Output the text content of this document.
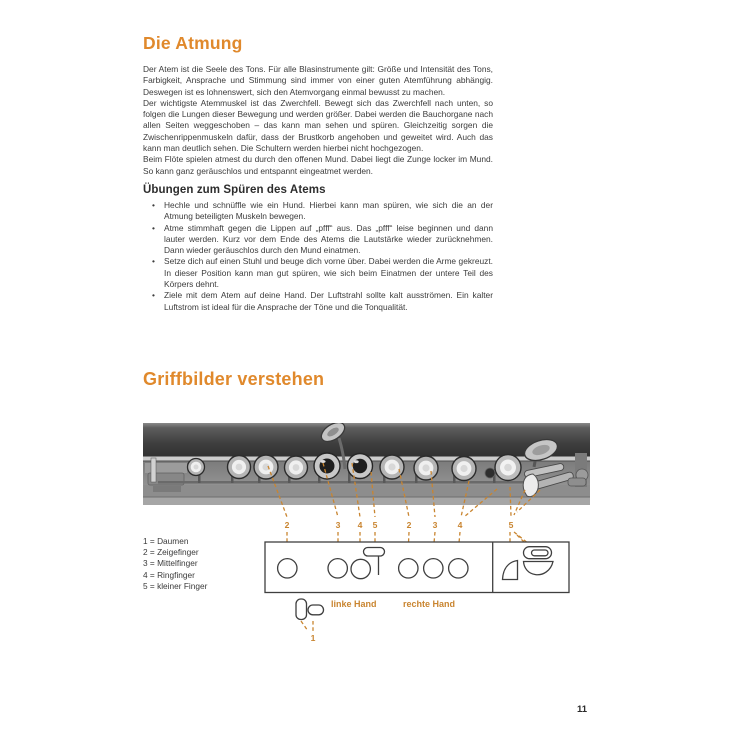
Die Atmung

Der Atem ist die Seele des Tons. Für alle Blasinstrumente gilt: Größe und Intensität des Tons, Farbigkeit, Ansprache und Stimmung sind immer von einer guten Atemführung abhängig. Deswegen ist es lohnenswert, sich den Atemvorgang einmal bewusst zu machen.

Der wichtigste Atemmuskel ist das Zwerchfell. Bewegt sich das Zwerchfell nach unten, so folgen die Lungen dieser Bewegung und werden größer. Dabei werden die Bauchorgane nach allen Seiten weggeschoben – das kann man sehen und spüren. Gleichzeitig sorgen die Zwischenrippenmuskeln dafür, dass der Brustkorb angehoben und geweitet wird. Auch das kann man deutlich sehen. Die Schultern werden hierbei nicht hochgezogen.

Beim Flöte spielen atmest du durch den offenen Mund. Dabei liegt die Zunge locker im Mund. So kann ganz geräuschlos und entspannt eingeatmet werden.

Übungen zum Spüren des Atems
• Hechle und schnüffle wie ein Hund. Hierbei kann man spüren, wie sich die an der Atmung beteiligten Muskeln bewegen.
• Atme stimmhaft gegen die Lippen auf „pfff“ aus. Das „pfff“ leise beginnen und dann lauter werden. Kurz vor dem Ende des Atems die Lautstärke wieder zurücknehmen. Dann wieder geräuschlos durch den Mund einatmen.
• Setze dich auf einen Stuhl und beuge dich vorne über. Dabei werden die Arme gekreuzt. In dieser Position kann man gut spüren, wie sich beim Einatmen der untere Teil des Körpers dehnt.
• Ziele mit dem Atem auf deine Hand. Der Luftstrahl sollte kalt ausströmen. Ein kalter Luftstrom ist ideal für die Ansprache der Töne und die Tonqualität.
Griffbilder verstehen
2	3 4 5	2 3 4	5
1
1 = Daumen
2 = Zeigefinger
3 = Mittelfinger
4 = Ringfinger
5 = kleiner Finger
linke Hand	rechte Hand
11
